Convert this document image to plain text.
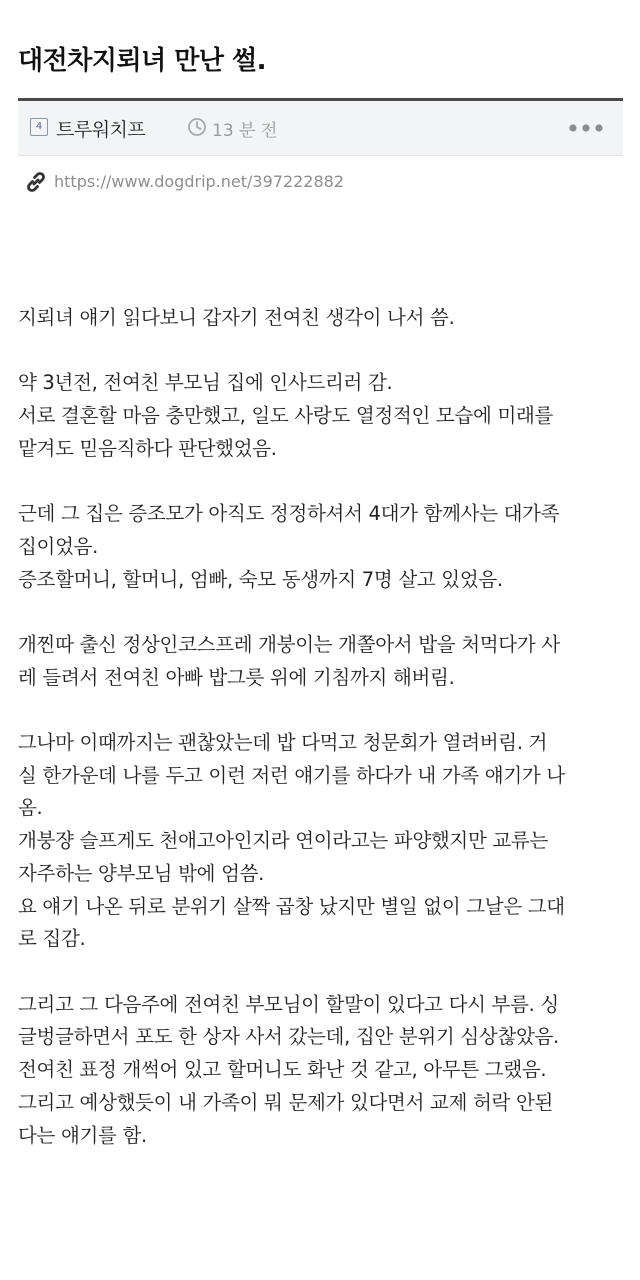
대전차지뢰녀 만난 썰.
4 트루워치프	13 분 전
https://www.dogdrip.net/397222882
지뢰녀 얘기 읽다보니 갑자기 전여친 생각이 나서 씀.
약 3년전, 전여친 부모님 집에 인사드리러 감.
서로 결혼할 마음 충만했고, 일도 사랑도 열정적인 모습에 미래를
맡겨도 믿음직하다 판단했었음.
근데 그 집은 증조모가 아직도 정정하셔서 4대가 함께사는 대가족
집이었음.
증조할머니, 할머니, 엄빠, 숙모 동생까지 7명 살고 있었음.
개찐따 출신 정상인코스프레 개붕이는 개쫄아서 밥을 처먹다가 사
레 들려서 전여친 아빠 밥그릇 위에 기침까지 해버림.
그나마 이때까지는 괜찮았는데 밥 다먹고 청문회가 열려버림. 거
실 한가운데 나를 두고 이런 저런 얘기를 하다가 내 가족 얘기가 나
옴.
개붕쟝 슬프게도 천애고아인지라 연이라고는 파양했지만 교류는
자주하는 양부모님 밖에 엄씀.
요 얘기 나온 뒤로 분위기 살짝 곱창 났지만 별일 없이 그날은 그대
로 집감.
그리고 그 다음주에 전여친 부모님이 할말이 있다고 다시 부름. 싱
글벙글하면서 포도 한 상자 사서 갔는데, 집안 분위기 심상찮았음.
전여친 표정 개썩어 있고 할머니도 화난 것 같고, 아무튼 그랬음.
그리고 예상했듯이 내 가족이 뭐 문제가 있다면서 교제 허락 안된
다는 얘기를 함.
